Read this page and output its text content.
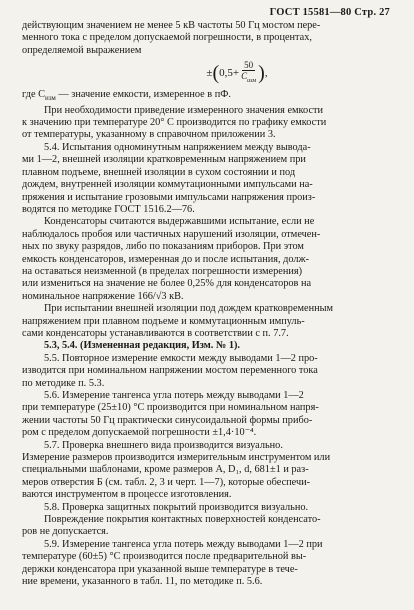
ГОСТ 15581—80 Стр. 27

действующим значением не менее 5 кВ частоты 50 Гц мостом пере-

менного тока с пределом допускаемой погрешности, в процентах,

определяемой выражением

± ( $0,5+ \frac{50}{C_{изм}}$ ) ,

где $C_{изм}$ — значение емкости, измеренное в пФ.

При необходимости приведение измеренного значения емкости

к значению при температуре 20° C производится по графику емкости

от температуры, указанному в справочном приложении 3.

5.4. Испытания одноминутным напряжением между вывода-

ми 1—2, внешней изоляции кратковременным напряжением при

плавном подъеме, внешней изоляции в сухом состоянии и под

дождем, внутренней изоляции коммутационными импульсами на-

пряжения и испытание грозовыми импульсами напряжения произ-

водятся по методике ГОСТ 1516.2—76.

Конденсаторы считаются выдержавшими испытание, если не

наблюдалось пробоя или частичных нарушений изоляции, отмечен-

ных по звуку разрядов, либо по показаниям приборов. При этом

емкость конденсаторов, измеренная до и после испытания, долж-

на оставаться неизменной (в пределах погрешности измерения)

или измениться на значение не более 0,25% для конденсаторов на

номинальное напряжение 166/√3 кВ.

При испытании внешней изоляции под дождем кратковременным

напряжением при плавном подъеме и коммутационным импуль-

сами конденсаторы устанавливаются в соответствии с п. 7.7.

5.3, 5.4. (Измененная редакция, Изм. № 1).

5.5. Повторное измерение емкости между выводами 1—2 про-

изводится при номинальном напряжении мостом переменного тока

по методике п. 5.3.

5.6. Измерение тангенса угла потерь между выводами 1—2

при температуре (25±10) °C производится при номинальном напря-

жении частоты 50 Гц практически синусоидальной формы прибо-

ром с пределом допускаемой погрешности ±1,4·10⁻⁴.

5.7. Проверка внешнего вида производится визуально.

Измерение размеров производится измерительным инструментом или

специальными шаблонами, кроме размеров A, D₁, d, 681±1 и раз-

меров отверстия Б (см. табл. 2, 3 и черт. 1—7), которые обеспечи-

ваются инструментом в процессе изготовления.

5.8. Проверка защитных покрытий производится визуально.

Повреждение покрытия контактных поверхностей конденсато-

ров не допускается.

5.9. Измерение тангенса угла потерь между выводами 1—2 при

температуре (60±5) °C производится после предварительной вы-

держки конденсатора при указанной выше температуре в тече-

ние времени, указанного в табл. 11, по методике п. 5.6.
